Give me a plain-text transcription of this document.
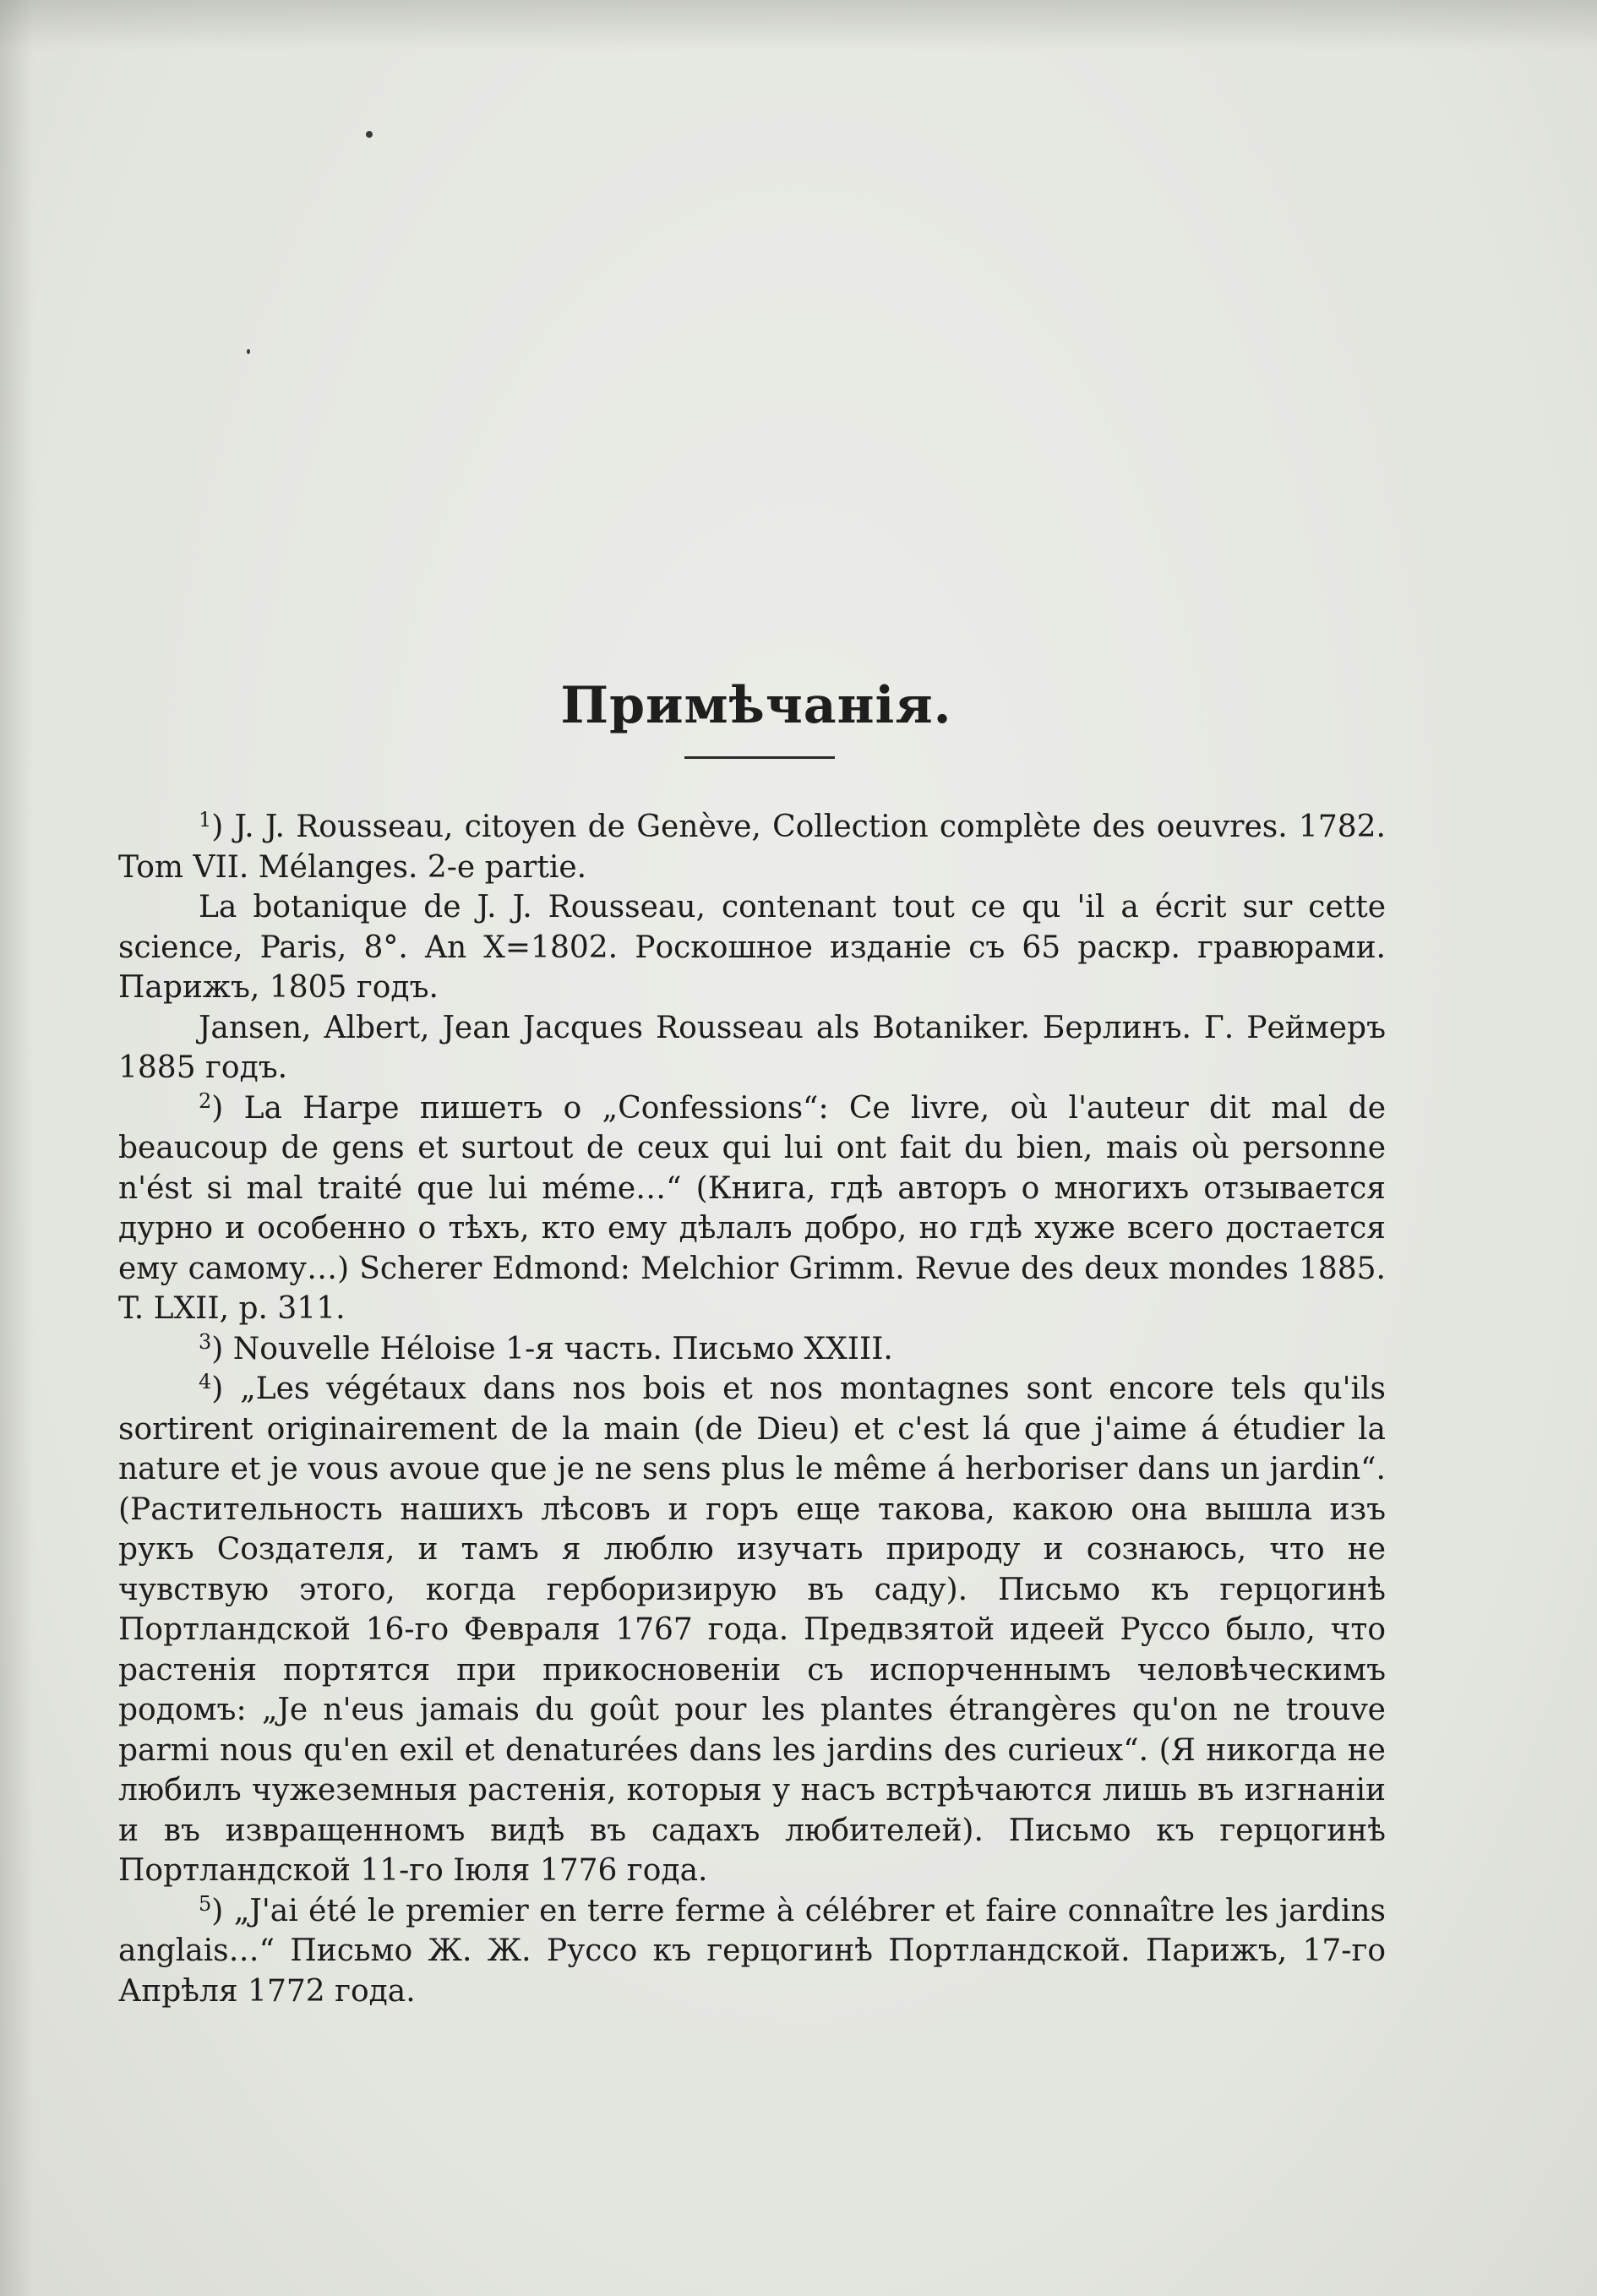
Примѣчанія.

$^1$) J. J. Rousseau, citoyen de Genève, Collection complète des oeuvres. 1782. Tom VII. Mélanges. 2-e partie.

La botanique de J. J. Rousseau, contenant tout ce qu 'il a écrit sur cette science, Paris, 8°. An X=1802. Роскошное изданіе съ 65 раскр. гравюрами. Парижъ, 1805 годъ.

Jansen, Albert, Jean Jacques Rousseau als Botaniker. Берлинъ. Г. Реймеръ 1885 годъ.

$^2$) La Harpe пишетъ о „Confessions“: Ce livre, où l'auteur dit mal de beaucoup de gens et surtout de ceux qui lui ont fait du bien, mais où personne n'ést si mal traité que lui méme…“ (Книга, гдѣ авторъ о многихъ отзывается дурно и особенно о тѣхъ, кто ему дѣлалъ добро, но гдѣ хуже всего достается ему самому…) Scherer Edmond: Melchior Grimm. Revue des deux mondes 1885. T. LXII, p. 311.

$^3$) Nouvelle Héloise 1-я часть. Письмо XXIII.

$^4$) „Les végétaux dans nos bois et nos montagnes sont encore tels qu'ils sortirent originairement de la main (de Dieu) et c'est lá que j'aime á étudier la nature et je vous avoue que je ne sens plus le même á herboriser dans un jardin“. (Растительность нашихъ лѣсовъ и горъ еще такова, какою она вышла изъ рукъ Создателя, и тамъ я люблю изучать природу и сознаюсь, что не чувствую этого, когда герборизирую въ саду). Письмо къ герцогинѣ Портландской 16-го Февраля 1767 года. Предвзятой идеей Руссо было, что растенія портятся при прикосновеніи съ испорченнымъ человѣческимъ родомъ: „Je n'eus jamais du goût pour les plantes étrangères qu'on ne trouve parmi nous qu'en exil et denaturées dans les jardins des curieux“. (Я никогда не любилъ чужеземныя растенія, которыя у насъ встрѣчаются лишь въ изгнаніи и въ извращенномъ видѣ въ садахъ любителей). Письмо къ герцогинѣ Портландской 11-го Іюля 1776 года.

$^5$) „J'ai été le premier en terre ferme à célébrer et faire connaître les jardins anglais…“ Письмо Ж. Ж. Руссо къ герцогинѣ Портландской. Парижъ, 17-го Апрѣля 1772 года.
